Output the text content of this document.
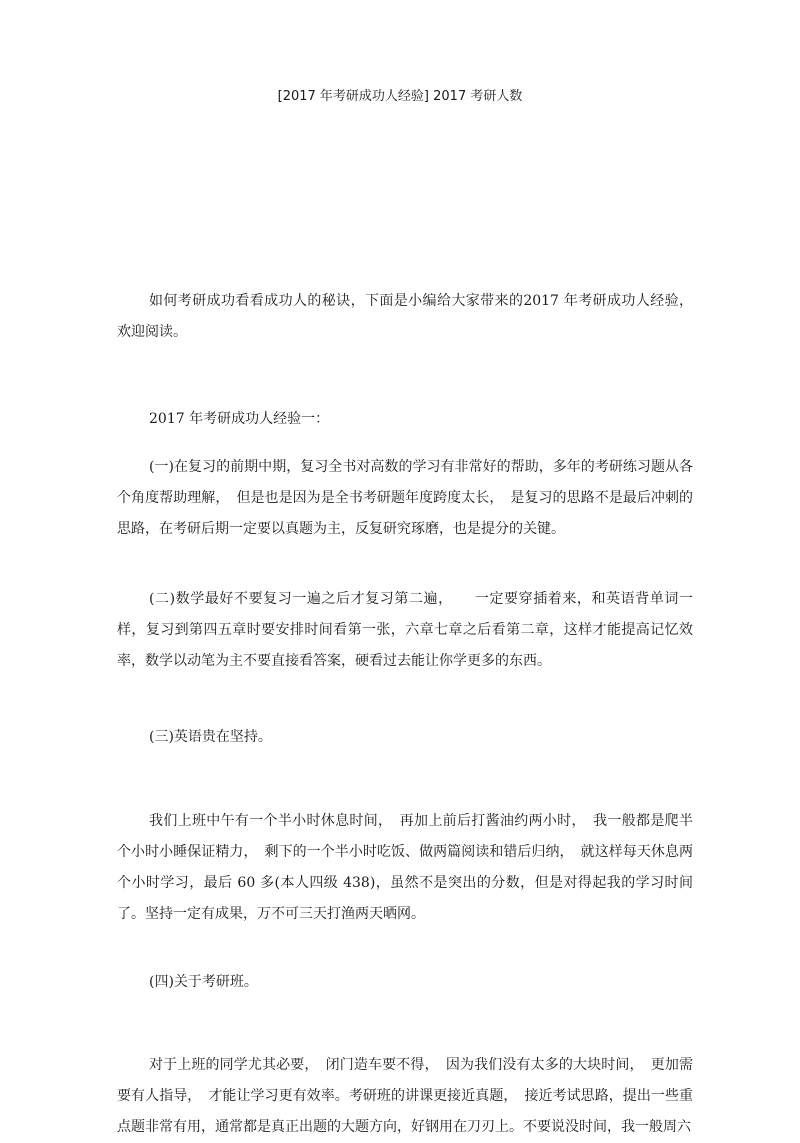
[2017 年考研成功人经验] 2017 考研人数

如何考研成功看看成功人的秘诀，下面是小编给大家带来的2017 年考研成功人经验，欢迎阅读。

2017 年考研成功人经验一：

(一)在复习的前期中期，复习全书对高数的学习有非常好的帮助，多年的考研练习题从各个角度帮助理解，　但是也是因为是全书考研题年度跨度太长，　是复习的思路不是最后冲刺的思路，在考研后期一定要以真题为主，反复研究琢磨，也是提分的关键。

(二)数学最好不要复习一遍之后才复习第二遍，　　一定要穿插着来，和英语背单词一样，复习到第四五章时要安排时间看第一张，六章七章之后看第二章，这样才能提高记忆效率，数学以动笔为主不要直接看答案，硬看过去能让你学更多的东西。

(三)英语贵在坚持。

我们上班中午有一个半小时休息时间，　再加上前后打酱油约两小时，　我一般都是爬半个小时小睡保证精力，　剩下的一个半小时吃饭、做两篇阅读和错后归纳，　就这样每天休息两个小时学习，最后 60 多(本人四级 438)，虽然不是突出的分数，但是对得起我的学习时间了。坚持一定有成果，万不可三天打渔两天晒网。

(四)关于考研班。

对于上班的同学尤其必要，　闭门造车要不得，　因为我们没有太多的大块时间，　更加需要有人指导，　才能让学习更有效率。考研班的讲课更接近真题，　接近考试思路，提出一些重点题非常有用，通常都是真正出题的大题方向，好钢用在刀刃上。不要说没时间，我一般周六
